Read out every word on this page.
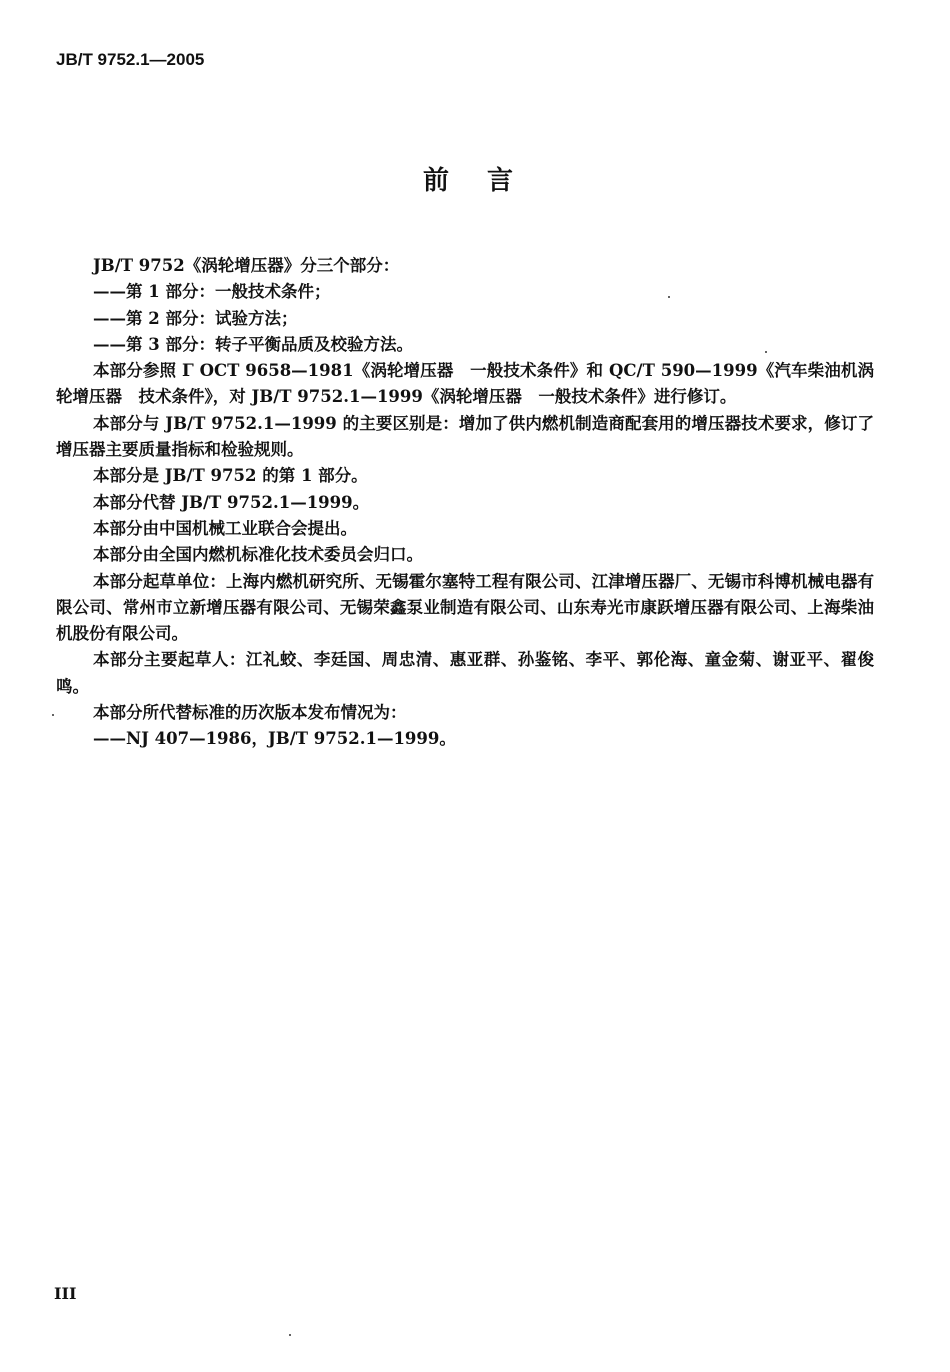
JB/T 9752.1—2005
前言

JB/T 9752《涡轮增压器》分三个部分：

——第 1 部分：一般技术条件；

——第 2 部分：试验方法；

——第 3 部分：转子平衡品质及校验方法。

本部分参照 Γ OCT 9658—1981《涡轮增压器　一般技术条件》和 QC/T 590—1999《汽车柴油机涡轮增压器　技术条件》，对 JB/T 9752.1—1999《涡轮增压器　一般技术条件》进行修订。

本部分与 JB/T 9752.1—1999 的主要区别是：增加了供内燃机制造商配套用的增压器技术要求，修订了增压器主要质量指标和检验规则。

本部分是 JB/T 9752 的第 1 部分。

本部分代替 JB/T 9752.1—1999。

本部分由中国机械工业联合会提出。

本部分由全国内燃机标准化技术委员会归口。

本部分起草单位：上海内燃机研究所、无锡霍尔塞特工程有限公司、江津增压器厂、无锡市科博机械电器有限公司、常州市立新增压器有限公司、无锡荣鑫泵业制造有限公司、山东寿光市康跃增压器有限公司、上海柴油机股份有限公司。

本部分主要起草人：江礼蛟、李廷国、周忠清、惠亚群、孙鉴铭、李平、郭伦海、童金菊、谢亚平、翟俊鸣。

本部分所代替标准的历次版本发布情况为：

——NJ 407—1986，JB/T 9752.1—1999。

III
